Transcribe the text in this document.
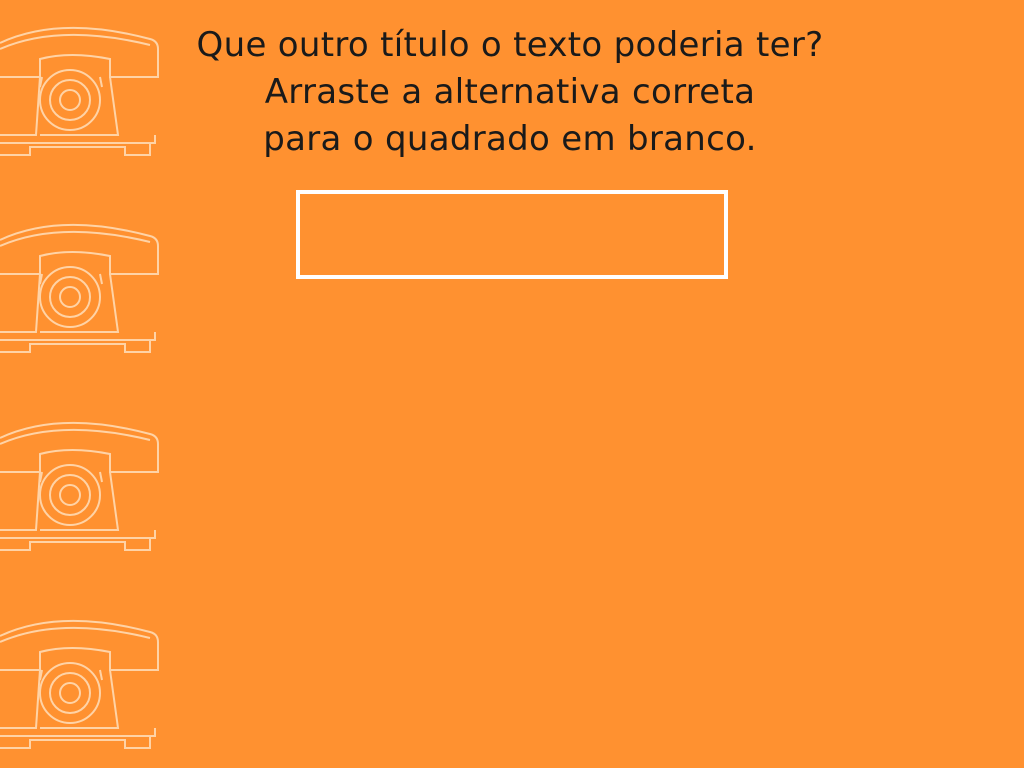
Que outro título o texto poderia ter?
Arraste a alternativa correta
para o quadrado em branco.
